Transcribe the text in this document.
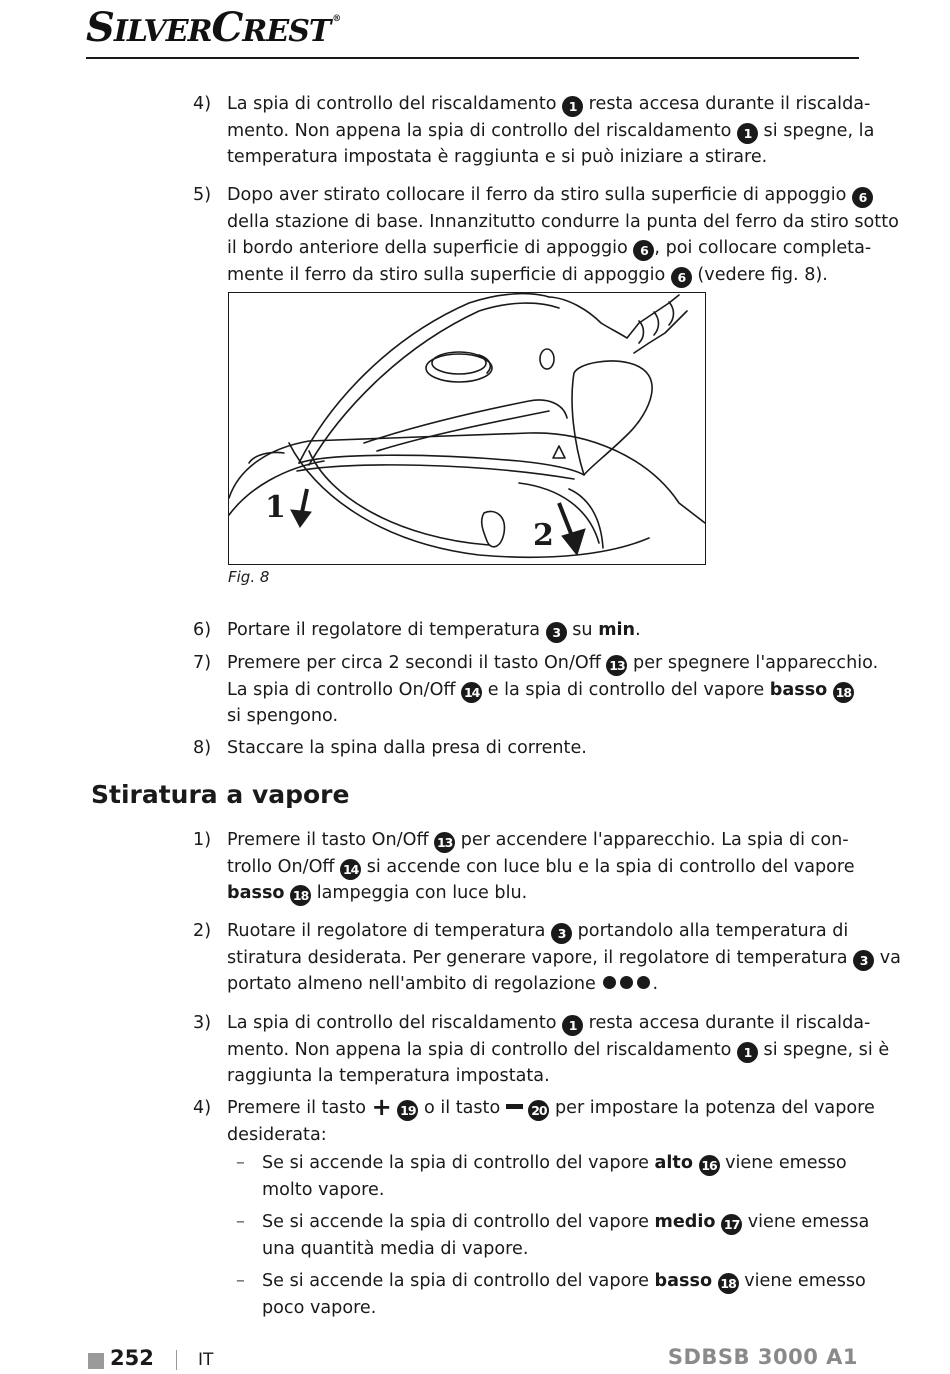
SILVERCREST ®
4) La spia di controllo del riscaldamento 1 resta accesa durante il riscalda-
mento. Non appena la spia di controllo del riscaldamento 1 si spegne, la
temperatura impostata è raggiunta e si può iniziare a stirare.
5) Dopo aver stirato collocare il ferro da stiro sulla superficie di appoggio 6
della stazione di base. Innanzitutto condurre la punta del ferro da stiro sotto
il bordo anteriore della superficie di appoggio 6 , poi collocare completa-
mente il ferro da stiro sulla superficie di appoggio 6 (vedere fig. 8).
1
2
Fig. 8
6) Portare il regolatore di temperatura 3 su min.
7) Premere per circa 2 secondi il tasto On/Off 13 per spegnere l'apparecchio.
La spia di controllo On/Off 14 e la spia di controllo del vapore basso 18
si spengono.
8) Staccare la spina dalla presa di corrente.
Stiratura a vapore
1) Premere il tasto On/Off 13 per accendere l'apparecchio. La spia di con-
trollo On/Off 14 si accende con luce blu e la spia di controllo del vapore
basso 18 lampeggia con luce blu.
2) Ruotare il regolatore di temperatura 3 portandolo alla temperatura di
stiratura desiderata. Per generare vapore, il regolatore di temperatura 3 va
portato almeno nell'ambito di regolazione	.
3) La spia di controllo del riscaldamento 1 resta accesa durante il riscalda-
mento. Non appena la spia di controllo del riscaldamento 1 si spegne, si è
raggiunta la temperatura impostata.
4) Premere il tasto + 19 o il tasto  20 per impostare la potenza del vapore
desiderata:
– Se si accende la spia di controllo del vapore alto 16 viene emesso
molto vapore.
– Se si accende la spia di controllo del vapore medio 17 viene emessa
una quantità media di vapore.
– Se si accende la spia di controllo del vapore basso 18 viene emesso
poco vapore.
252	IT	SDBSB 3000 A1
